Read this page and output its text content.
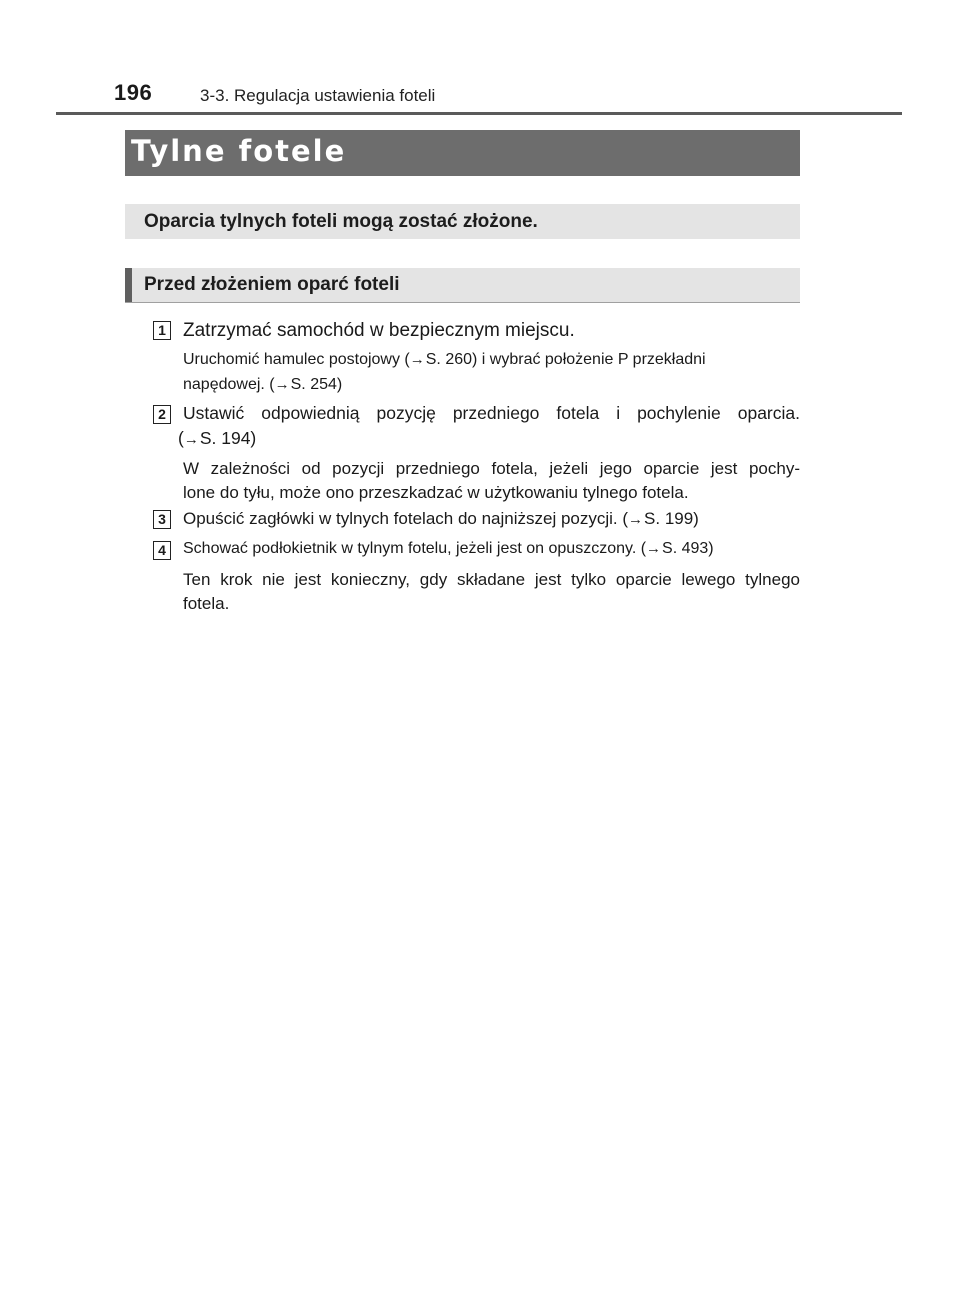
196	3-3. Regulacja ustawienia foteli
Tylne fotele
Oparcia tylnych foteli mogą zostać złożone.
Przed złożeniem oparć foteli
1 Zatrzymać samochód w bezpiecznym miejscu.
Uruchomić hamulec postojowy (→S. 260) i wybrać położenie P przekładni
napędowej. (→S. 254)
2 Ustawić odpowiednią pozycję przedniego fotela i pochylenie oparcia.
(→S. 194)
W zależności od pozycji przedniego fotela, jeżeli jego oparcie jest pochy-
lone do tyłu, może ono przeszkadzać w użytkowaniu tylnego fotela.
3	Opuścić zagłówki w tylnych fotelach do najniższej pozycji. (→S. 199)
4	Schować podłokietnik w tylnym fotelu, jeżeli jest on opuszczony. (→S. 493)
Ten krok nie jest konieczny, gdy składane jest tylko oparcie lewego tylnego
fotela.
